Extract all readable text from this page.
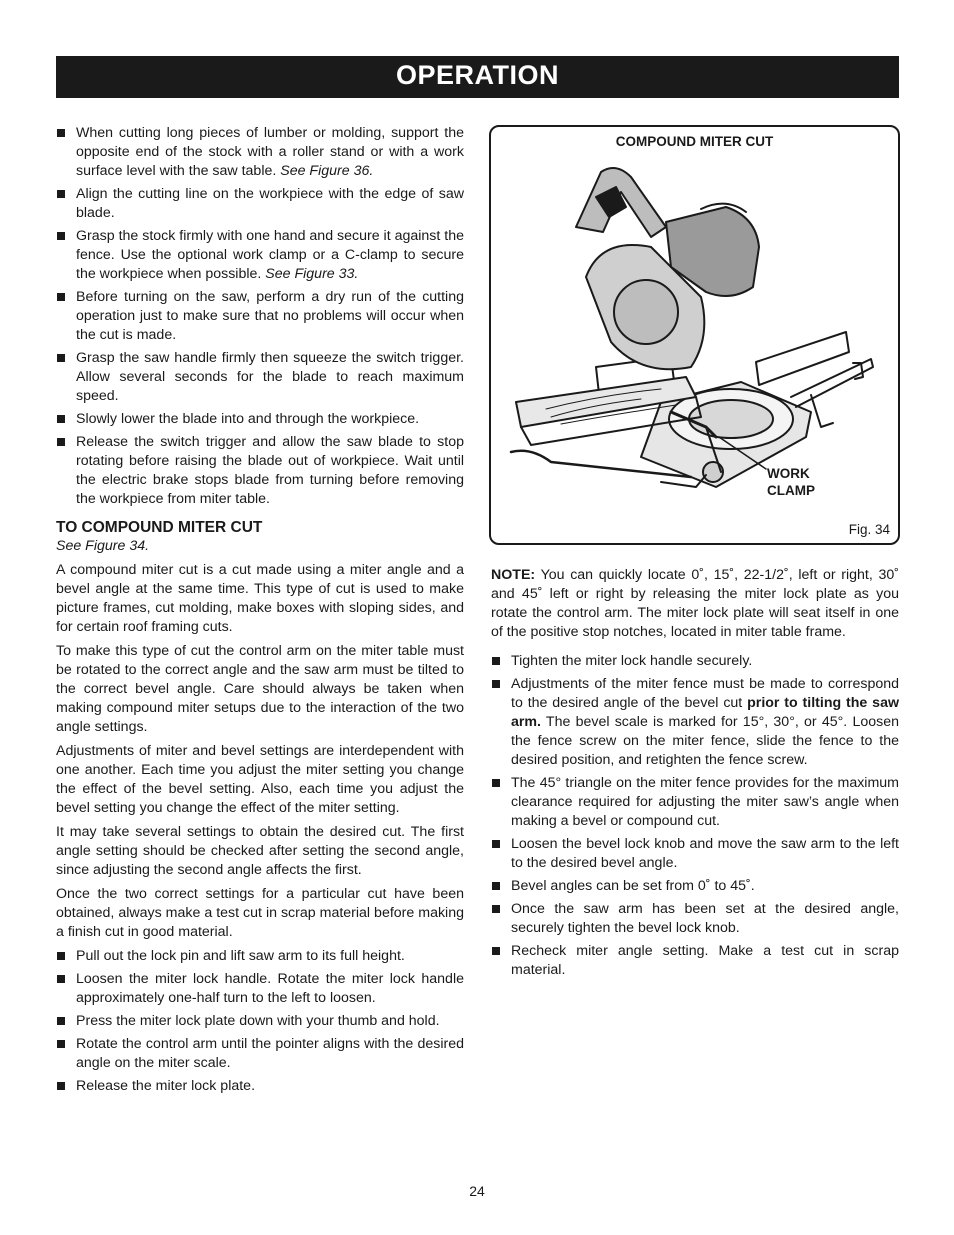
OPERATION
When cutting long pieces of lumber or molding, support the opposite end of the stock with a roller stand or with a work surface level with the saw table. See Figure 36.
Align the cutting line on the workpiece with the edge of saw blade.
Grasp the stock firmly with one hand and secure it against the fence. Use the optional work clamp or a C-clamp to secure the workpiece when possible. See Figure 33.
Before turning on the saw, perform a dry run of the cutting operation just to make sure that no problems will occur when the cut is made.
Grasp the saw handle firmly then squeeze the switch trigger. Allow several seconds for the blade to reach maximum speed.
Slowly lower the blade into and through the workpiece.
Release the switch trigger and allow the saw blade to stop rotating before raising the blade out of workpiece. Wait until the electric brake stops blade from turning before removing the workpiece from miter table.
TO COMPOUND MITER CUT
See Figure 34.

A compound miter cut is a cut made using a miter angle and a bevel angle at the same time. This type of cut is used to make picture frames, cut molding, make boxes with sloping sides, and for certain roof framing cuts.

To make this type of cut the control arm on the miter table must be rotated to the correct angle and the saw arm must be tilted to the correct bevel angle. Care should always be taken when making compound miter setups due to the interaction of the two angle settings.

Adjustments of miter and bevel settings are interdependent with one another. Each time you adjust the miter setting you change the effect of the bevel setting. Also, each time you adjust the bevel setting you change the effect of the miter setting.

It may take several settings to obtain the desired cut. The first angle setting should be checked after setting the second angle, since adjusting the second angle affects the first.

Once the two correct settings for a particular cut have been obtained, always make a test cut in scrap material before making a finish cut in good material.

Pull out the lock pin and lift saw arm to its full height.
Loosen the miter lock handle. Rotate the miter lock handle approximately one-half turn to the left to loosen.
Press the miter lock plate down with your thumb and hold.
Rotate the control arm until the pointer aligns with the desired angle on the miter scale.
Release the miter lock plate.
COMPOUND MITER CUT
WORK
CLAMP
Fig. 34

NOTE: You can quickly locate 0˚, 15˚, 22-1/2˚, left or right, 30˚ and 45˚ left or right by releasing the miter lock plate as you rotate the control arm. The miter lock plate will seat itself in one of the positive stop notches, located in miter table frame.

Tighten the miter lock handle securely.
Adjustments of the miter fence must be made to correspond to the desired angle of the bevel cut prior to tilting the saw arm. The bevel scale is marked for 15°, 30°, or 45°. Loosen the fence screw on the miter fence, slide the fence to the desired position, and retighten the fence screw.
The 45° triangle on the miter fence provides for the maximum clearance required for adjusting the miter saw’s angle when making a bevel or compound cut.
Loosen the bevel lock knob and move the saw arm to the left to the desired bevel angle.
Bevel angles can be set from 0˚ to 45˚.
Once the saw arm has been set at the desired angle, securely tighten the bevel lock knob.
Recheck miter angle setting. Make a test cut in scrap material.
24
